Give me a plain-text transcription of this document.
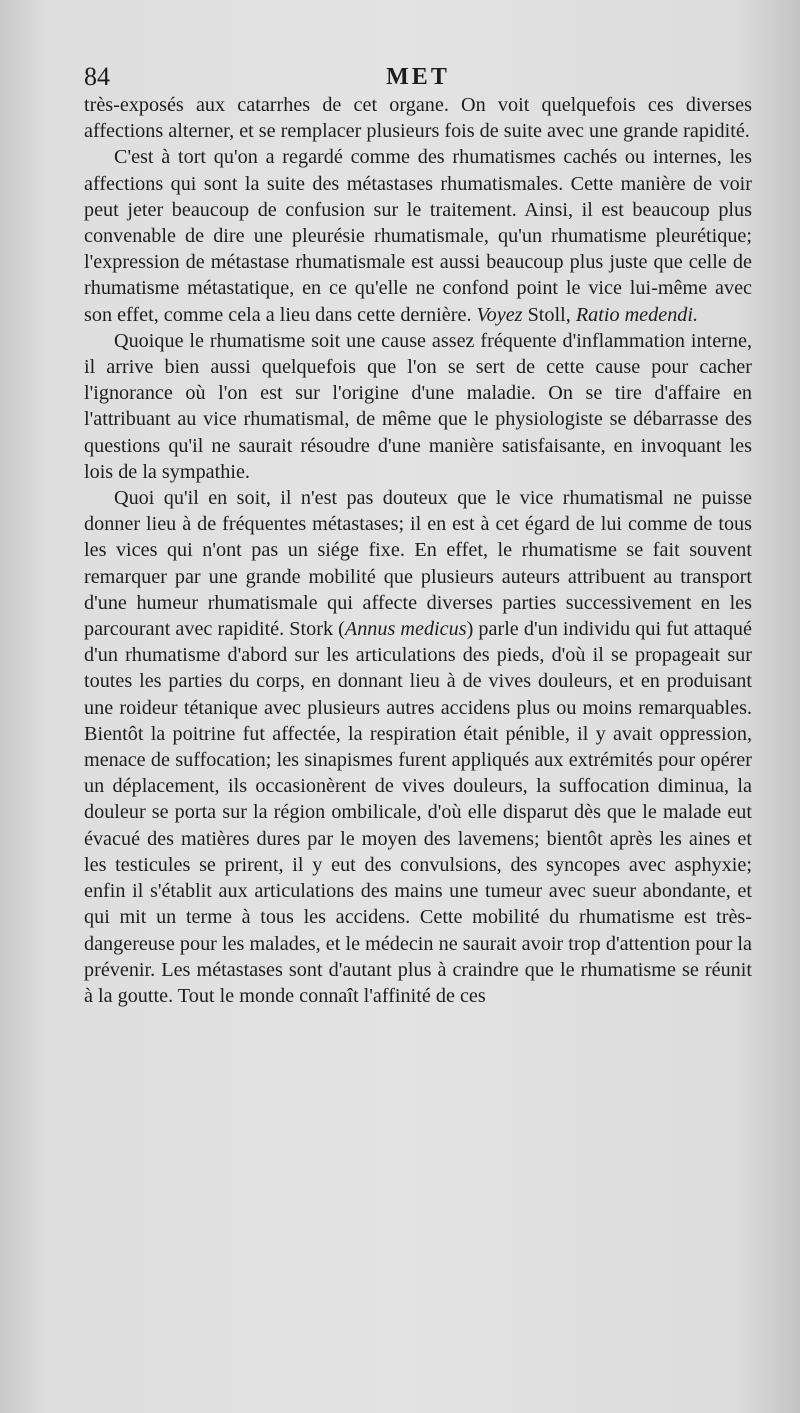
84	MET

très-exposés aux catarrhes de cet organe. On voit quelquefois ces diverses affections alterner, et se remplacer plusieurs fois de suite avec une grande rapidité.

C'est à tort qu'on a regardé comme des rhumatismes cachés ou internes, les affections qui sont la suite des métastases rhumatismales. Cette manière de voir peut jeter beaucoup de confusion sur le traitement. Ainsi, il est beaucoup plus convenable de dire une pleurésie rhumatismale, qu'un rhumatisme pleurétique; l'expression de métastase rhumatismale est aussi beaucoup plus juste que celle de rhumatisme métastatique, en ce qu'elle ne confond point le vice lui-même avec son effet, comme cela a lieu dans cette dernière. Voyez Stoll, Ratio medendi.

Quoique le rhumatisme soit une cause assez fréquente d'inflammation interne, il arrive bien aussi quelquefois que l'on se sert de cette cause pour cacher l'ignorance où l'on est sur l'origine d'une maladie. On se tire d'affaire en l'attribuant au vice rhumatismal, de même que le physiologiste se débarrasse des questions qu'il ne saurait résoudre d'une manière satisfaisante, en invoquant les lois de la sympathie.

Quoi qu'il en soit, il n'est pas douteux que le vice rhumatismal ne puisse donner lieu à de fréquentes métastases; il en est à cet égard de lui comme de tous les vices qui n'ont pas un siége fixe. En effet, le rhumatisme se fait souvent remarquer par une grande mobilité que plusieurs auteurs attribuent au transport d'une humeur rhumatismale qui affecte diverses parties successivement en les parcourant avec rapidité. Stork (Annus medicus) parle d'un individu qui fut attaqué d'un rhumatisme d'abord sur les articulations des pieds, d'où il se propageait sur toutes les parties du corps, en donnant lieu à de vives douleurs, et en produisant une roideur tétanique avec plusieurs autres accidens plus ou moins remarquables. Bientôt la poitrine fut affectée, la respiration était pénible, il y avait oppression, menace de suffocation; les sinapismes furent appliqués aux extrémités pour opérer un déplacement, ils occasionèrent de vives douleurs, la suffocation diminua, la douleur se porta sur la région ombilicale, d'où elle disparut dès que le malade eut évacué des matières dures par le moyen des lavemens; bientôt après les aines et les testicules se prirent, il y eut des convulsions, des syncopes avec asphyxie; enfin il s'établit aux articulations des mains une tumeur avec sueur abondante, et qui mit un terme à tous les accidens. Cette mobilité du rhumatisme est très-dangereuse pour les malades, et le médecin ne saurait avoir trop d'attention pour la prévenir. Les métastases sont d'autant plus à craindre que le rhumatisme se réunit à la goutte. Tout le monde connaît l'affinité de ces
